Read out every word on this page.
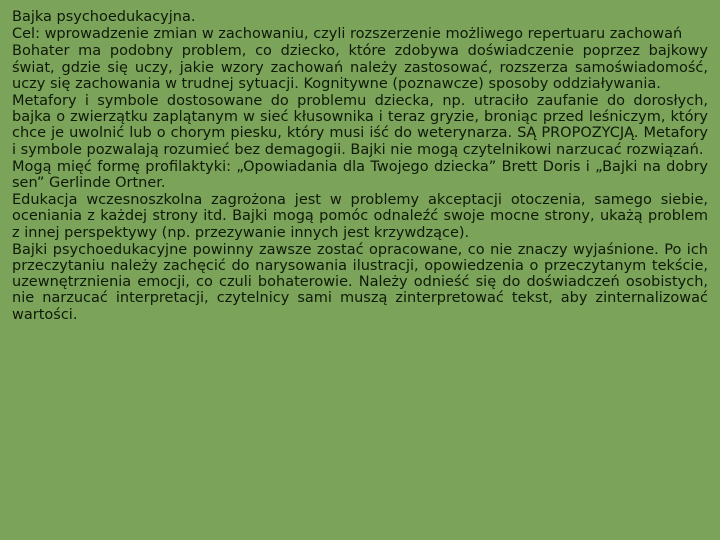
Bajka psychoedukacyjna.

Cel: wprowadzenie zmian w zachowaniu, czyli rozszerzenie możliwego repertuaru zachowań

Bohater ma podobny problem, co dziecko, które zdobywa doświadczenie poprzez bajkowy świat, gdzie się uczy, jakie wzory zachowań należy zastosować, rozszerza samoświadomość, uczy się zachowania w trudnej sytuacji. Kognitywne (poznawcze) sposoby oddziaływania.

Metafory i symbole dostosowane do problemu dziecka, np. utraciło zaufanie do dorosłych, bajka o zwierzątku zaplątanym w sieć kłusownika i teraz gryzie, broniąc przed leśniczym, który chce je uwolnić lub o chorym piesku, który musi iść do weterynarza. SĄ PROPOZYCJĄ. Metafory i symbole pozwalają rozumieć bez demagogii. Bajki nie mogą czytelnikowi narzucać rozwiązań.

Mogą mięć formę profilaktyki: „Opowiadania dla Twojego dziecka” Brett Doris i „Bajki na dobry sen” Gerlinde Ortner.

Edukacja wczesnoszkolna zagrożona jest w problemy akceptacji otoczenia, samego siebie, oceniania z każdej strony itd. Bajki mogą pomóc odnaleźć swoje mocne strony, ukażą problem z innej perspektywy (np. przezywanie innych jest krzywdzące).

Bajki psychoedukacyjne powinny zawsze zostać opracowane, co nie znaczy wyjaśnione. Po ich przeczytaniu należy zachęcić do narysowania ilustracji, opowiedzenia o przeczytanym tekście, uzewnętrznienia emocji, co czuli bohaterowie. Należy odnieść się do doświadczeń osobistych, nie narzucać interpretacji, czytelnicy sami muszą zinterpretować tekst, aby zinternalizować wartości.
